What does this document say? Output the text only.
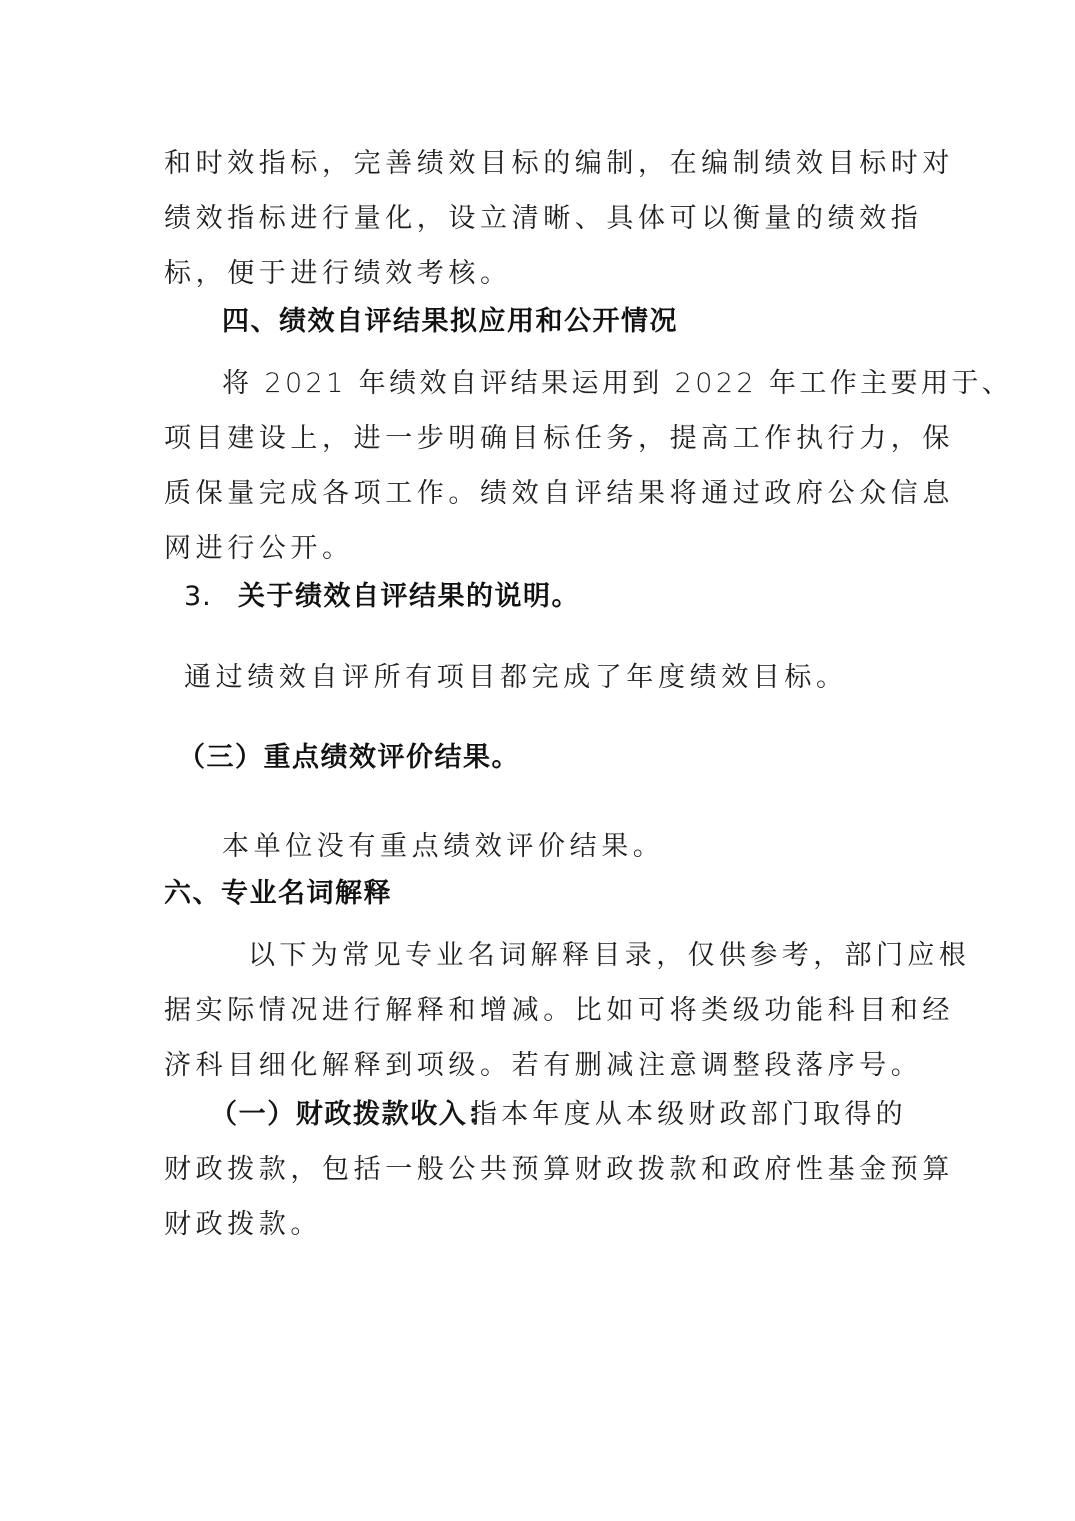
和时效指标，完善绩效目标的编制，在编制绩效目标时对
绩效指标进行量化，设立清晰、具体可以衡量的绩效指
标，便于进行绩效考核。
四、绩效自评结果拟应用和公开情况
将 2021 年绩效自评结果运用到 2022 年工作主要用于、
项目建设上，进一步明确目标任务，提高工作执行力，保
质保量完成各项工作。绩效自评结果将通过政府公众信息
网进行公开。
3. 关于绩效自评结果的说明。
通过绩效自评所有项目都完成了年度绩效目标。
（三）重点绩效评价结果。
本单位没有重点绩效评价结果。
六、专业名词解释
以下为常见专业名词解释目录，仅供参考，部门应根
据实际情况进行解释和增减。比如可将类级功能科目和经
济科目细化解释到项级。若有删减注意调整段落序号。
（一）财政拨款收入：
指本年度从本级财政部门取得的
财政拨款，包括一般公共预算财政拨款和政府性基金预算
财政拨款。
